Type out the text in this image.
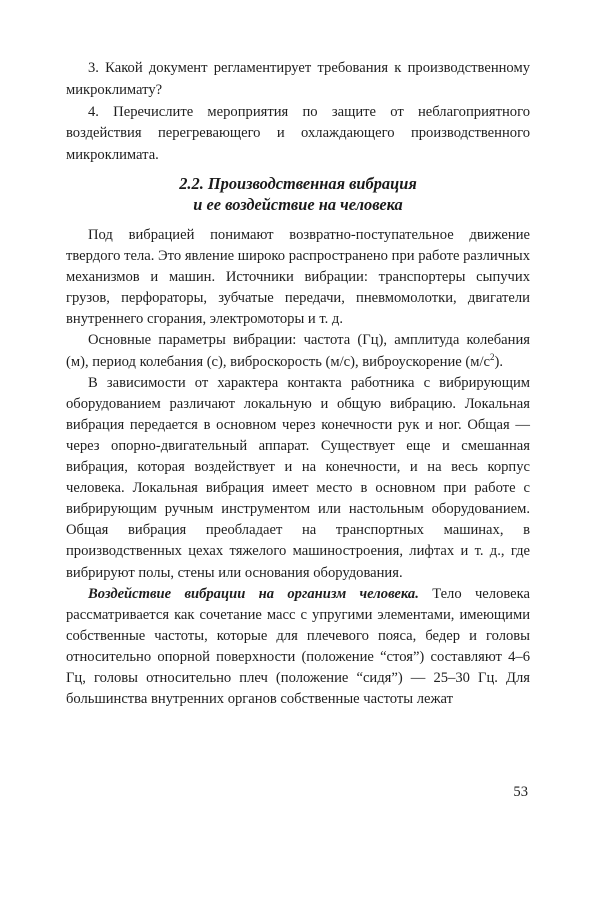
3. Какой документ регламентирует требования к производственному микроклимату?

4. Перечислите мероприятия по защите от неблагоприятного воздействия перегревающего и охлаждающего производственного микроклимата.

2.2. Производственная вибрация
и ее воздействие на человека

Под вибрацией понимают возвратно-поступательное движение твердого тела. Это явление широко распространено при работе различных механизмов и машин. Источники вибрации: транспортеры сыпучих грузов, перфораторы, зубчатые передачи, пневмомолотки, двигатели внутреннего сгорания, электромоторы и т. д.

Основные параметры вибрации: частота (Гц), амплитуда колебания (м), период колебания (с), виброскорость (м/с), виброускорение $(м/с^2)$.

В зависимости от характера контакта работника с вибрирующим оборудованием различают локальную и общую вибрацию. Локальная вибрация передается в основном через конечности рук и ног. Общая — через опорно-двигательный аппарат. Существует еще и смешанная вибрация, которая воздействует и на конечности, и на весь корпус человека. Локальная вибрация имеет место в основном при работе с вибрирующим ручным инструментом или настольным оборудованием. Общая вибрация преобладает на транспортных машинах, в производственных цехах тяжелого машиностроения, лифтах и т. д., где вибрируют полы, стены или основания оборудования.

Воздействие вибрации на организм человека. Тело человека рассматривается как сочетание масс с упругими элементами, имеющими собственные частоты, которые для плечевого пояса, бедер и головы относительно опорной поверхности (положение “стоя”) составляют 4–6 Гц, головы относительно плеч (положение “сидя”) — 25–30 Гц. Для большинства внутренних органов собственные частоты лежат

53
